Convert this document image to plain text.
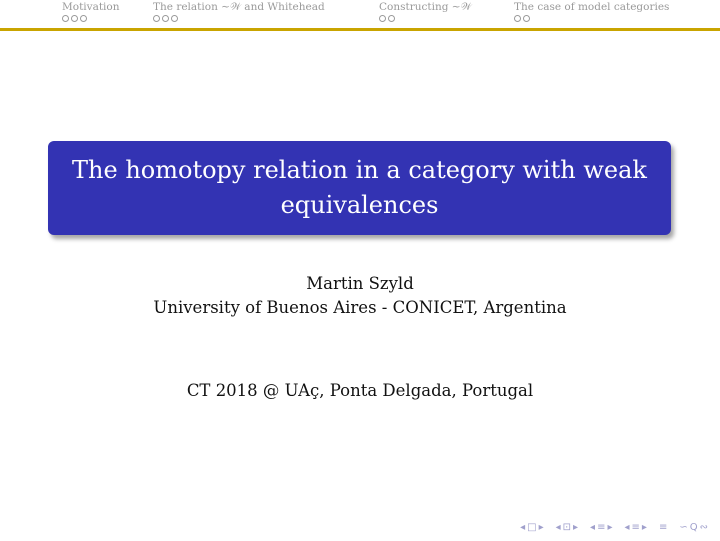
Motivation	The relation ∼𝒲 and Whitehead	Constructing ∼𝒲	The case of model categories
The homotopy relation in a category with weak equivalences
Martin Szyld
University of Buenos Aires - CONICET, Argentina
CT 2018 @ UAç, Ponta Delgada, Portugal
◂ □ ▸ ◂ ⊡ ▸ ◂ ≡ ▸ ◂ ≡ ▸ ≡ ∽ Q ∾
